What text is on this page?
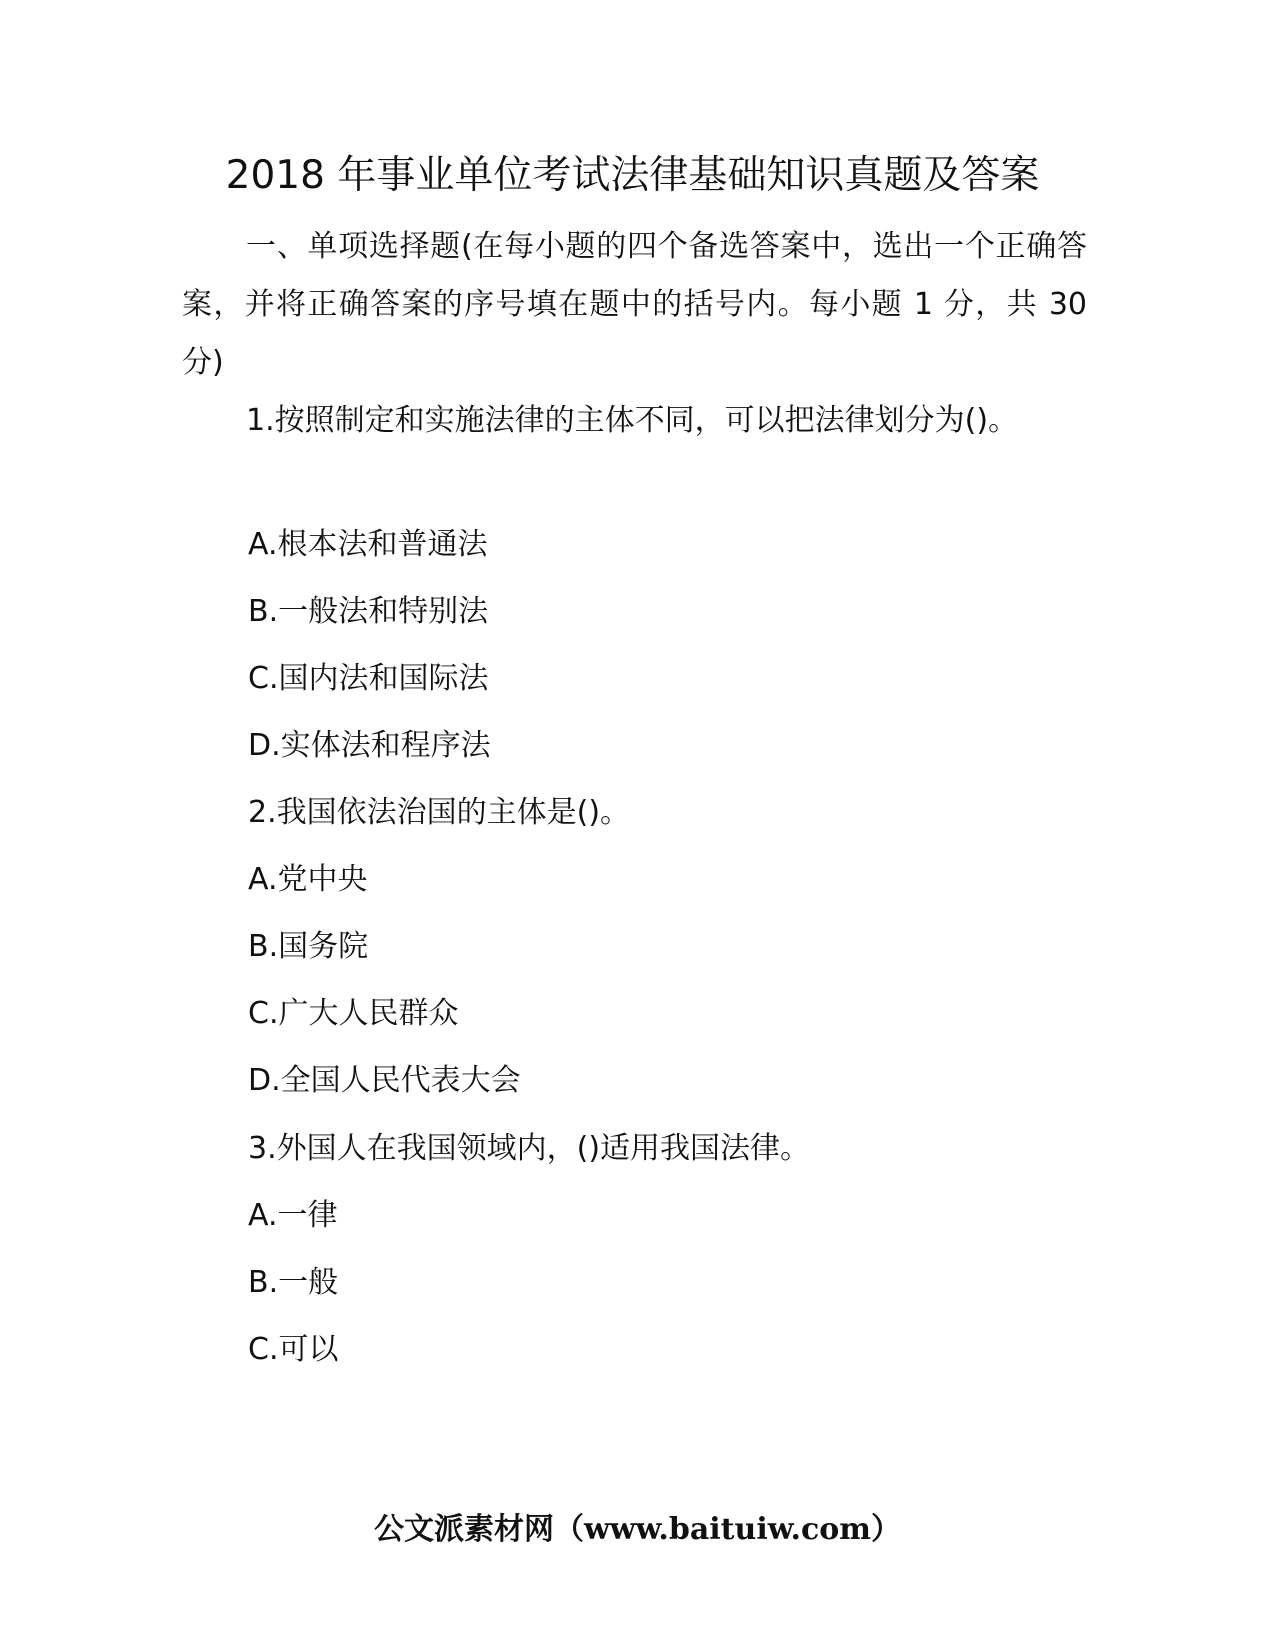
2018 年事业单位考试法律基础知识真题及答案
一、单项选择题(在每小题的四个备选答案中，选出一个正确答案，并将正确答案的序号填在题中的括号内。每小题 1 分，共 30 分)
1.按照制定和实施法律的主体不同，可以把法律划分为()。
A.根本法和普通法
B.一般法和特别法
C.国内法和国际法
D.实体法和程序法
2.我国依法治国的主体是()。
A.党中央
B.国务院
C.广大人民群众
D.全国人民代表大会
3.外国人在我国领域内，()适用我国法律。
A.一律
B.一般
C.可以
公文派素材网（www.baituiw.com）
